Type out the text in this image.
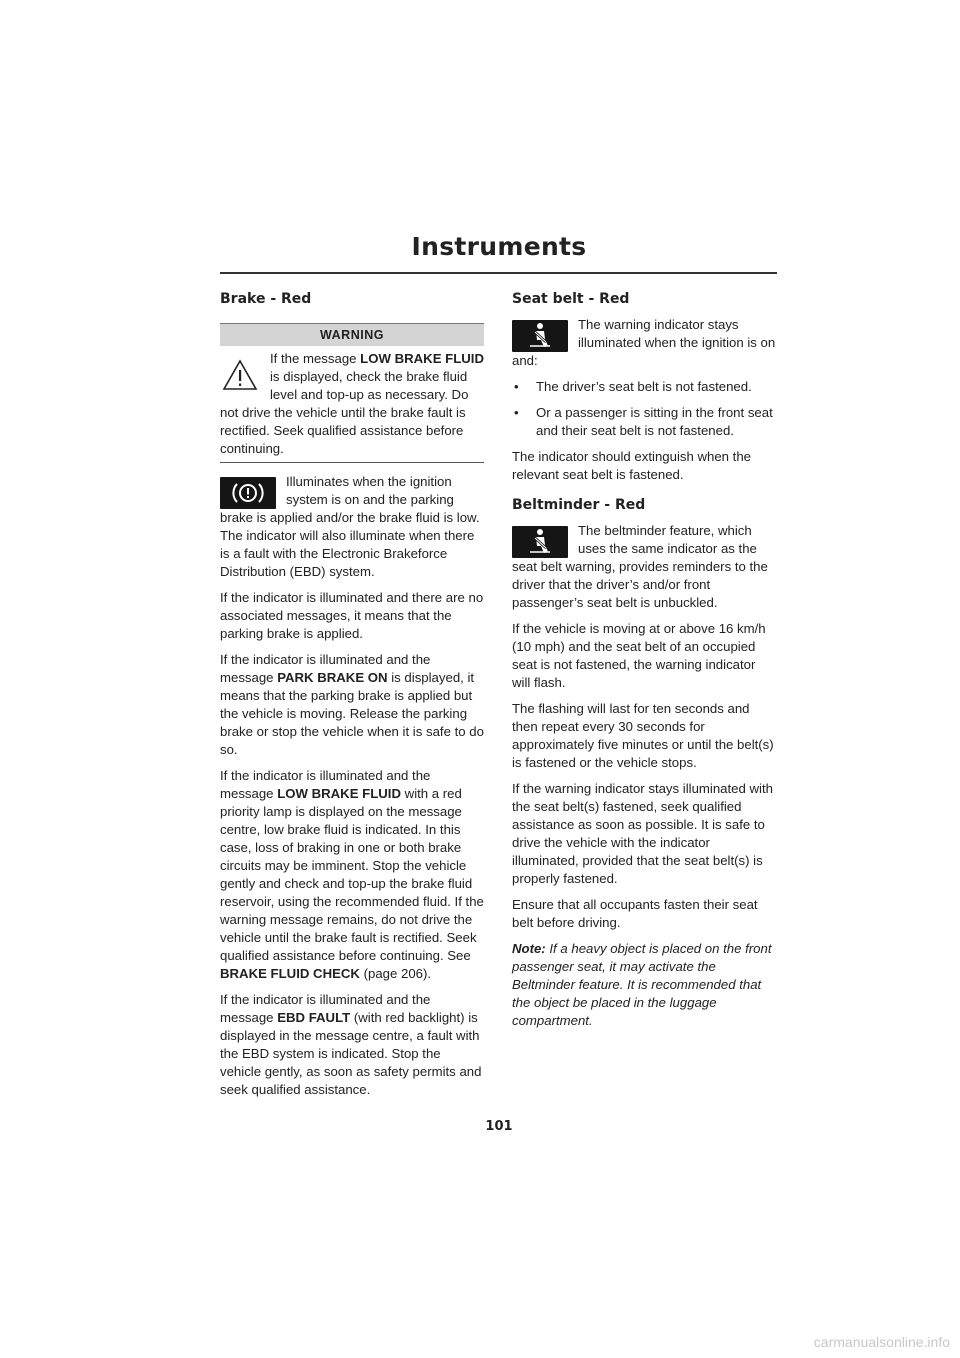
Instruments
Brake - Red
WARNING
If the message LOW BRAKE FLUID is displayed, check the brake fluid level and top-up as necessary. Do not drive the vehicle until the brake fault is rectified. Seek qualified assistance before continuing.

Illuminates when the ignition system is on and the parking brake is applied and/or the brake fluid is low. The indicator will also illuminate when there is a fault with the Electronic Brakeforce Distribution (EBD) system.

If the indicator is illuminated and there are no associated messages, it means that the parking brake is applied.

If the indicator is illuminated and the message PARK BRAKE ON is displayed, it means that the parking brake is applied but the vehicle is moving. Release the parking brake or stop the vehicle when it is safe to do so.

If the indicator is illuminated and the message LOW BRAKE FLUID with a red priority lamp is displayed on the message centre, low brake fluid is indicated. In this case, loss of braking in one or both brake circuits may be imminent. Stop the vehicle gently and check and top-up the brake fluid reservoir, using the recommended fluid. If the warning message remains, do not drive the vehicle until the brake fault is rectified. Seek qualified assistance before continuing. See BRAKE FLUID CHECK (page 206).

If the indicator is illuminated and the message EBD FAULT (with red backlight) is displayed in the message centre, a fault with the EBD system is indicated. Stop the vehicle gently, as soon as safety permits and seek qualified assistance.

Seat belt - Red

The warning indicator stays illuminated when the ignition is on and:

• The driver’s seat belt is not fastened.

• Or a passenger is sitting in the front seat and their seat belt is not fastened.

The indicator should extinguish when the relevant seat belt is fastened.

Beltminder - Red

The beltminder feature, which uses the same indicator as the seat belt warning, provides reminders to the driver that the driver’s and/or front passenger’s seat belt is unbuckled.

If the vehicle is moving at or above 16 km/h (10 mph) and the seat belt of an occupied seat is not fastened, the warning indicator will flash.

The flashing will last for ten seconds and then repeat every 30 seconds for approximately five minutes or until the belt(s) is fastened or the vehicle stops.

If the warning indicator stays illuminated with the seat belt(s) fastened, seek qualified assistance as soon as possible. It is safe to drive the vehicle with the indicator illuminated, provided that the seat belt(s) is properly fastened.

Ensure that all occupants fasten their seat belt before driving.

Note: If a heavy object is placed on the front passenger seat, it may activate the Beltminder feature. It is recommended that the object be placed in the luggage compartment.

101
carmanualsonline.info
